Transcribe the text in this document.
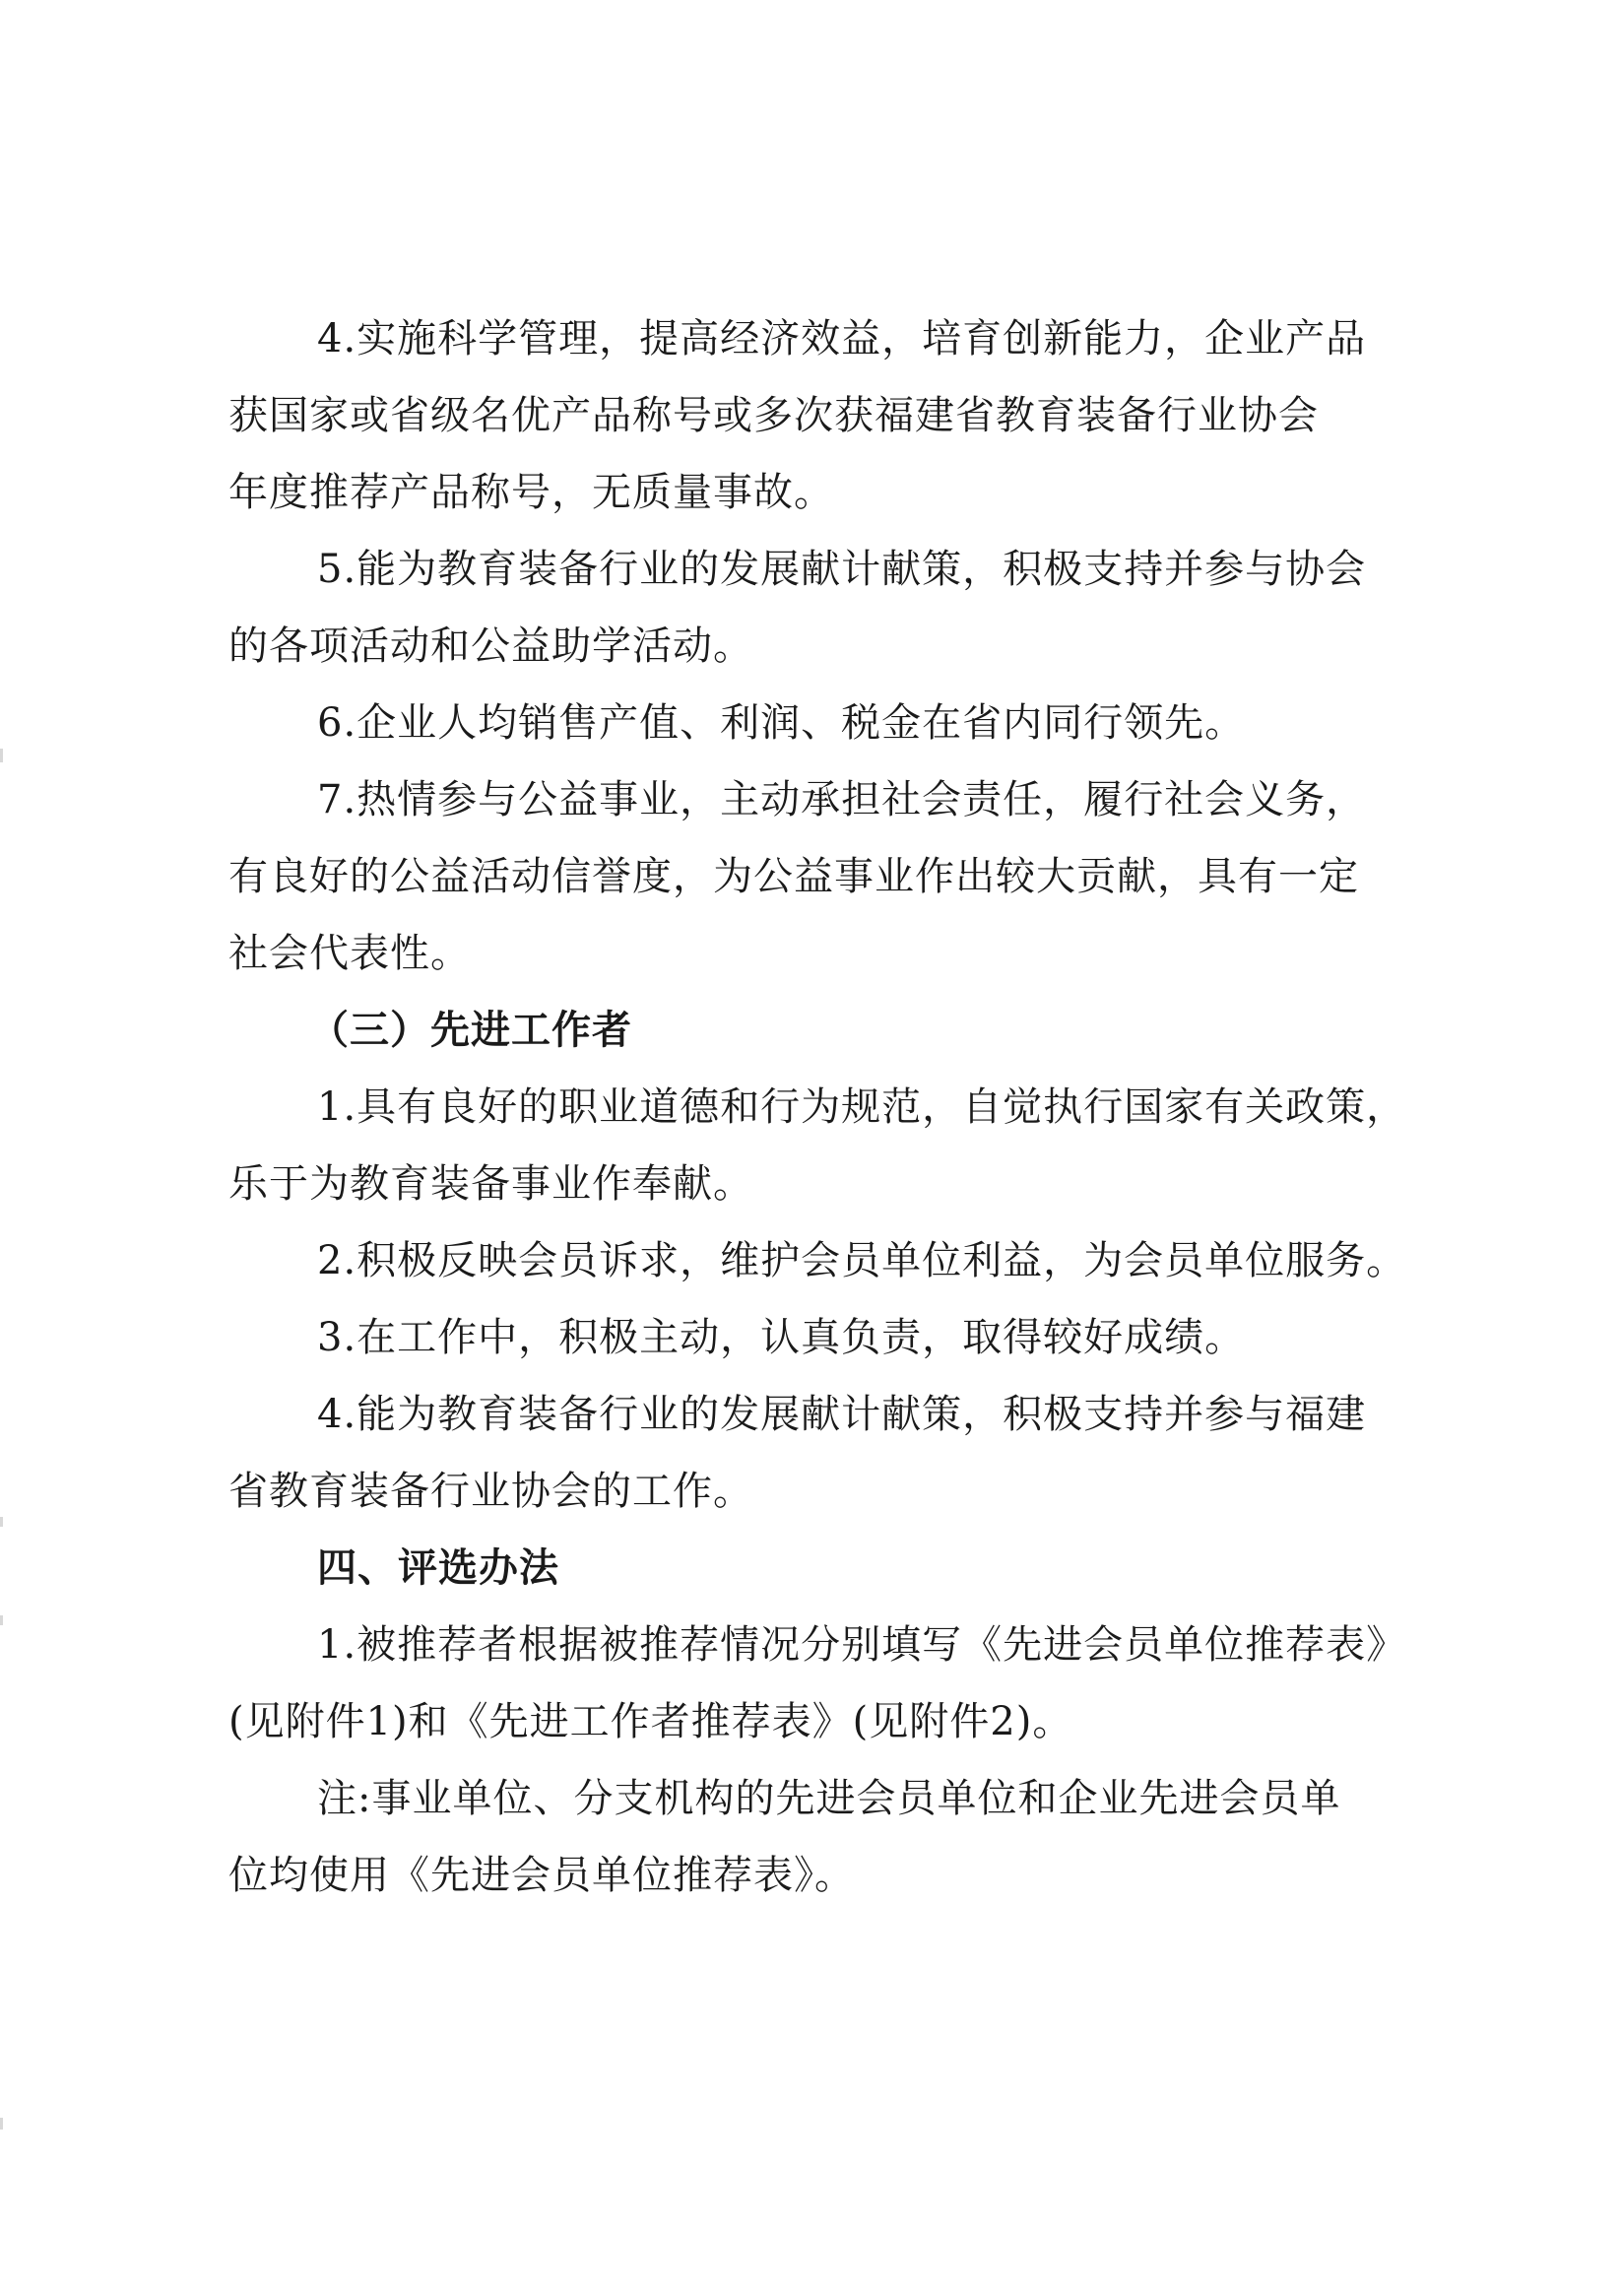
4.实施科学管理，提高经济效益，培育创新能力，企业产品
获国家或省级名优产品称号或多次获福建省教育装备行业协会
年度推荐产品称号，无质量事故。
5.能为教育装备行业的发展献计献策，积极支持并参与协会
的各项活动和公益助学活动。
6.企业人均销售产值、利润、税金在省内同行领先。
7.热情参与公益事业，主动承担社会责任，履行社会义务，
有良好的公益活动信誉度，为公益事业作出较大贡献，具有一定
社会代表性。
（三）先进工作者
1.具有良好的职业道德和行为规范，自觉执行国家有关政策，
乐于为教育装备事业作奉献。
2.积极反映会员诉求，维护会员单位利益，为会员单位服务。
3.在工作中，积极主动，认真负责，取得较好成绩。
4.能为教育装备行业的发展献计献策，积极支持并参与福建
省教育装备行业协会的工作。
四、评选办法
1.被推荐者根据被推荐情况分别填写《先进会员单位推荐表》
(见附件1)和《先进工作者推荐表》(见附件2)。
注:事业单位、分支机构的先进会员单位和企业先进会员单
位均使用《先进会员单位推荐表》。
